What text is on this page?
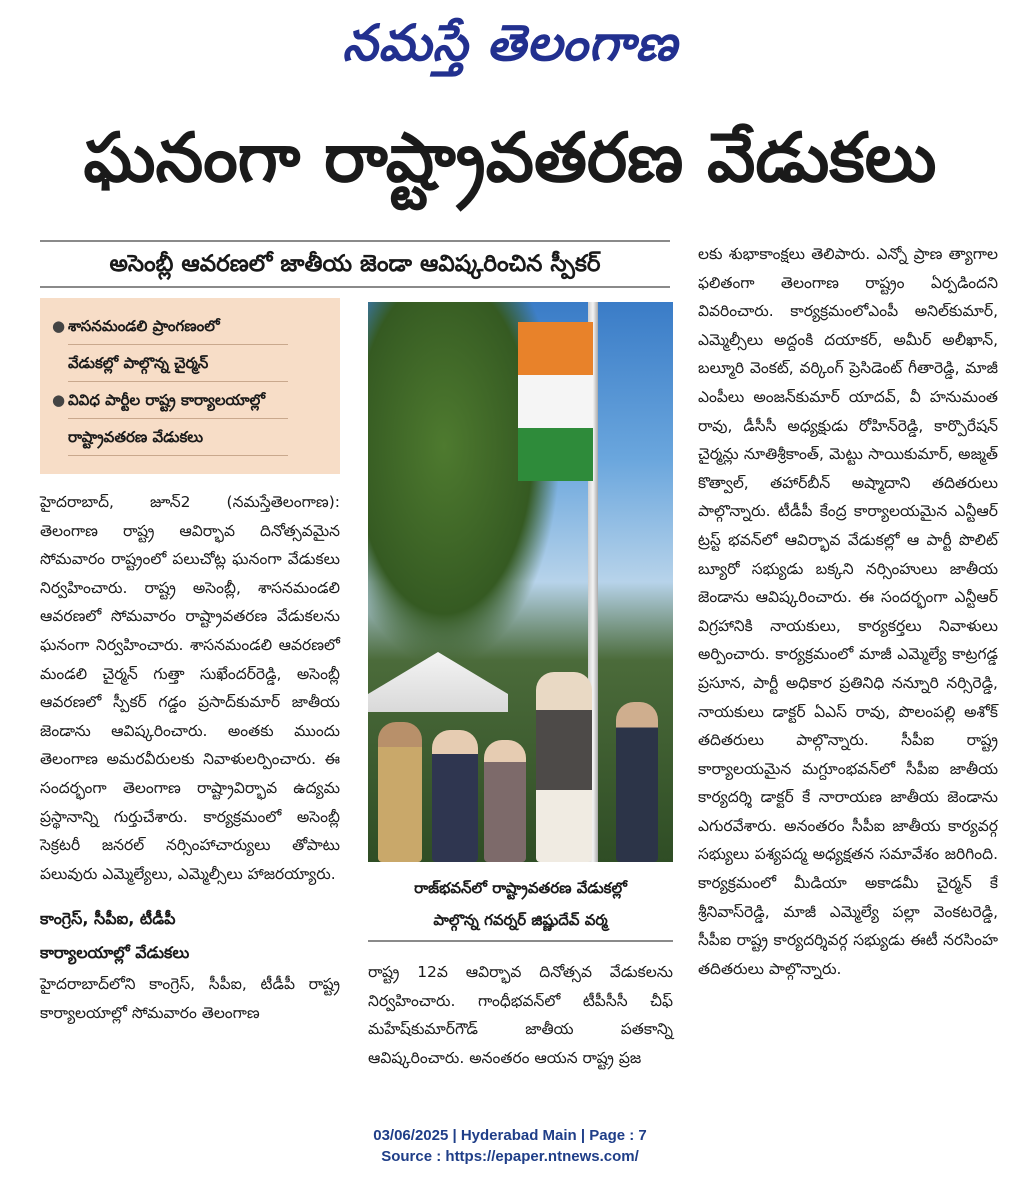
నమస్తే తెలంగాణ
ఘనంగా రాష్ట్రావతరణ వేడుకలు
అసెంబ్లీ ఆవరణలో జాతీయ జెండా ఆవిష్కరించిన స్పీకర్
● శాసనమండలి ప్రాంగణంలో
వేడుకల్లో పాల్గొన్న చైర్మన్
● వివిధ పార్టీల రాష్ట్ర కార్యాలయాల్లో
రాష్ట్రావతరణ వేడుకలు

హైదరాబాద్, జూన్2 (నమస్తేతెలంగాణ): తెలంగాణ రాష్ట్ర ఆవిర్భావ దినోత్సవమైన సోమవారం రాష్ట్రంలో పలుచోట్ల ఘనంగా వేడుకలు నిర్వహించారు. రాష్ట్ర అసెంబ్లీ, శాసనమండలి ఆవరణలో సోమవారం రాష్ట్రావతరణ వేడుకలను ఘనంగా నిర్వహించారు. శాసనమండలి ఆవరణలో మండలి చైర్మన్ గుత్తా సుఖేందర్‌రెడ్డి, అసెంబ్లీ ఆవరణలో స్పీకర్ గడ్డం ప్రసాద్‌కుమార్ జాతీయ జెండాను ఆవిష్కరించారు. అంతకు ముందు తెలంగాణ అమరవీరులకు నివాళులర్పించారు. ఈ సందర్భంగా తెలంగాణ రాష్ట్రావిర్భావ ఉద్యమ ప్రస్థానాన్ని గుర్తుచేశారు. కార్యక్రమంలో అసెంబ్లీ సెక్రటరీ జనరల్ నర్సింహాచార్యులు తోపాటు పలువురు ఎమ్మెల్యేలు, ఎమ్మెల్సీలు హాజరయ్యారు.

కాంగ్రెస్, సీపీఐ, టీడీపీ
కార్యాలయాల్లో వేడుకలు

హైదరాబాద్‌లోని కాంగ్రెస్, సీపీఐ, టీడీపీ రాష్ట్ర కార్యాలయాల్లో సోమవారం తెలంగాణ

రాజ్‌భవన్‌లో రాష్ట్రావతరణ వేడుకల్లో
పాల్గొన్న గవర్నర్ జిష్ణుదేవ్ వర్మ

రాష్ట్ర 12వ ఆవిర్భావ దినోత్సవ వేడుకలను నిర్వహించారు. గాంధీభవన్‌లో టీపీసీసీ చీఫ్ మహేష్‌కుమార్‌గౌడ్ జాతీయ పతకాన్ని ఆవిష్కరించారు. అనంతరం ఆయన రాష్ట్ర ప్రజ

లకు శుభాకాంక్షలు తెలిపారు. ఎన్నో ప్రాణ త్యాగాల ఫలితంగా తెలంగాణ రాష్ట్రం ఏర్పడిందని వివరించారు. కార్యక్రమంలోఎంపీ అనిల్‌కుమార్, ఎమ్మెల్సీలు అద్దంకి దయాకర్, అమీర్ అలీఖాన్, బల్మూరి వెంకట్, వర్కింగ్ ప్రెసిడెంట్ గీతారెడ్డి, మాజీ ఎంపీలు అంజన్‌కుమార్ యాదవ్, వీ హనుమంత రావు, డీసీసీ అధ్యక్షుడు రోహిన్‌రెడ్డి, కార్పొరేషన్ చైర్మన్లు నూతిశ్రీకాంత్, మెట్టు సాయికుమార్, అజ్మత్ కొత్వాల్, తహార్‌బీన్ అష్మాదాని తదితరులు పాల్గొన్నారు. టీడీపీ కేంద్ర కార్యాలయమైన ఎన్టీఆర్ ట్రస్ట్ భవన్‌లో ఆవిర్భావ వేడుకల్లో ఆ పార్టీ పొలిట్ బ్యూరో సభ్యుడు బక్కని నర్సింహులు జాతీయ జెండాను ఆవిష్కరించారు. ఈ సందర్భంగా ఎన్టీఆర్ విగ్రహానికి నాయకులు, కార్యకర్తలు నివాళులు అర్పించారు. కార్యక్రమంలో మాజీ ఎమ్మెల్యే కాట్రగడ్డ ప్రసూన, పార్టీ అధికార ప్రతినిధి నన్నూరి నర్సిరెడ్డి, నాయకులు డాక్టర్ ఏఎస్ రావు, పొలంపల్లి అశోక్ తదితరులు పాల్గొన్నారు. సీపీఐ రాష్ట్ర కార్యాలయమైన మగ్దూంభవన్‌లో సీపీఐ జాతీయ కార్యదర్శి డాక్టర్ కే నారాయణ జాతీయ జెండాను ఎగురవేశారు. అనంతరం సీపీఐ జాతీయ కార్యవర్గ సభ్యులు పశ్యపద్మ అధ్యక్షతన సమావేశం జరిగింది. కార్యక్రమంలో మీడియా అకాడమీ చైర్మన్ కే శ్రీనివాస్‌రెడ్డి, మాజీ ఎమ్మెల్యే పల్లా వెంకటరెడ్డి, సీపీఐ రాష్ట్ర కార్యదర్శివర్గ సభ్యుడు ఈటీ నరసింహ తదితరులు పాల్గొన్నారు.

03/06/2025 | Hyderabad Main | Page : 7
Source : https://epaper.ntnews.com/
